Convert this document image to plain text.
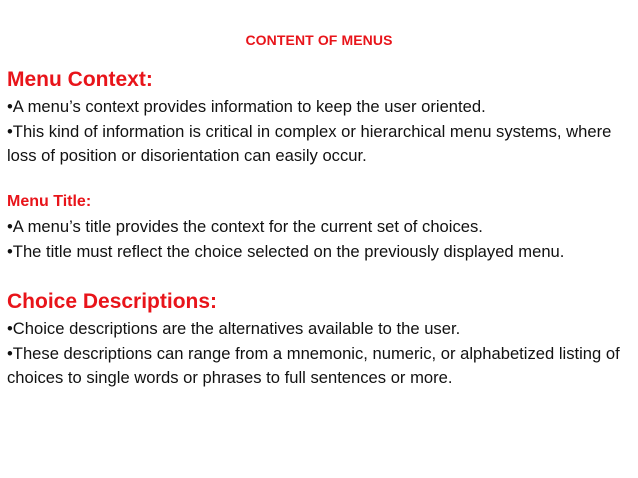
CONTENT OF MENUS

Menu Context:

•A menu’s context provides information to keep the user oriented.

•This kind of information is critical in complex or hierarchical menu systems, where loss of position or disorientation can easily occur.

Menu Title:

•A menu’s title provides the context for the current set of choices.

•The title must reflect the choice selected on the previously displayed menu.

Choice Descriptions:

•Choice descriptions are the alternatives available to the user.

•These descriptions can range from a mnemonic, numeric, or alphabetized listing of choices to single words or phrases to full sentences or more.
